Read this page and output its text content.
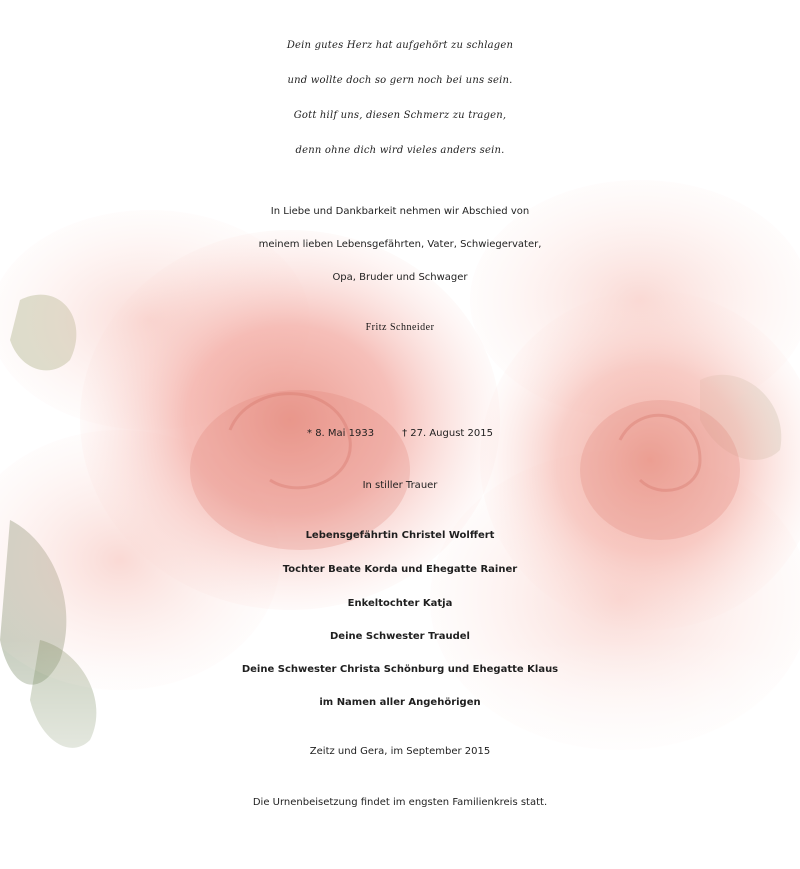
Dein gutes Herz hat aufgehört zu schlagen
und wollte doch so gern noch bei uns sein.
Gott hilf uns, diesen Schmerz zu tragen,
denn ohne dich wird vieles anders sein.
In Liebe und Dankbarkeit nehmen wir Abschied von
meinem lieben Lebensgefährten, Vater, Schwiegervater,
Opa, Bruder und Schwager
Fritz Schneider
* 8. Mai 1933	† 27. August 2015
In stiller Trauer
Lebensgefährtin Christel Wolffert
Tochter Beate Korda und Ehegatte Rainer
Enkeltochter Katja
Deine Schwester Traudel
Deine Schwester Christa Schönburg und Ehegatte Klaus
im Namen aller Angehörigen
Zeitz und Gera, im September 2015
Die Urnenbeisetzung findet im engsten Familienkreis statt.
